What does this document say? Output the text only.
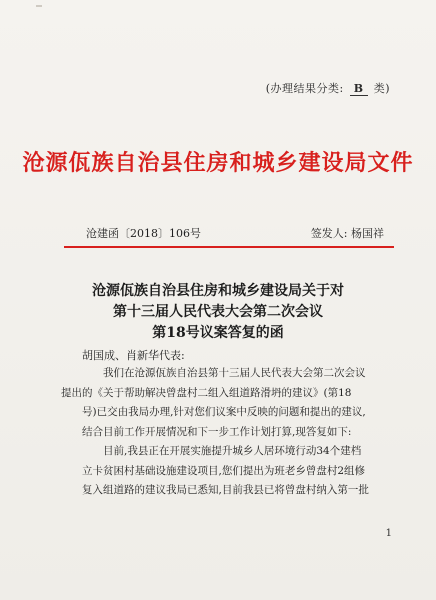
(办理结果分类: B 类)
沧源佤族自治县住房和城乡建设局文件
沧建函〔2018〕106号	签发人: 杨国祥
沧源佤族自治县住房和城乡建设局关于对
第十三届人民代表大会第二次会议
第18号议案答复的函
胡国成、肖新华代表:

我们在沧源佤族自治县第十三届人民代表大会第二次会议
提出的《关于帮助解决曾盘村二组入组道路滑坍的建议》(第18
号)已交由我局办理,针对您们议案中反映的问题和提出的建议,
结合目前工作开展情况和下一步工作计划打算,现答复如下:

目前,我县正在开展实施提升城乡人居环境行动34个建档
立卡贫困村基础设施建设项目,您们提出为班老乡曾盘村2组修
复入组道路的建议我局已悉知,目前我县已将曾盘村纳入第一批

1
